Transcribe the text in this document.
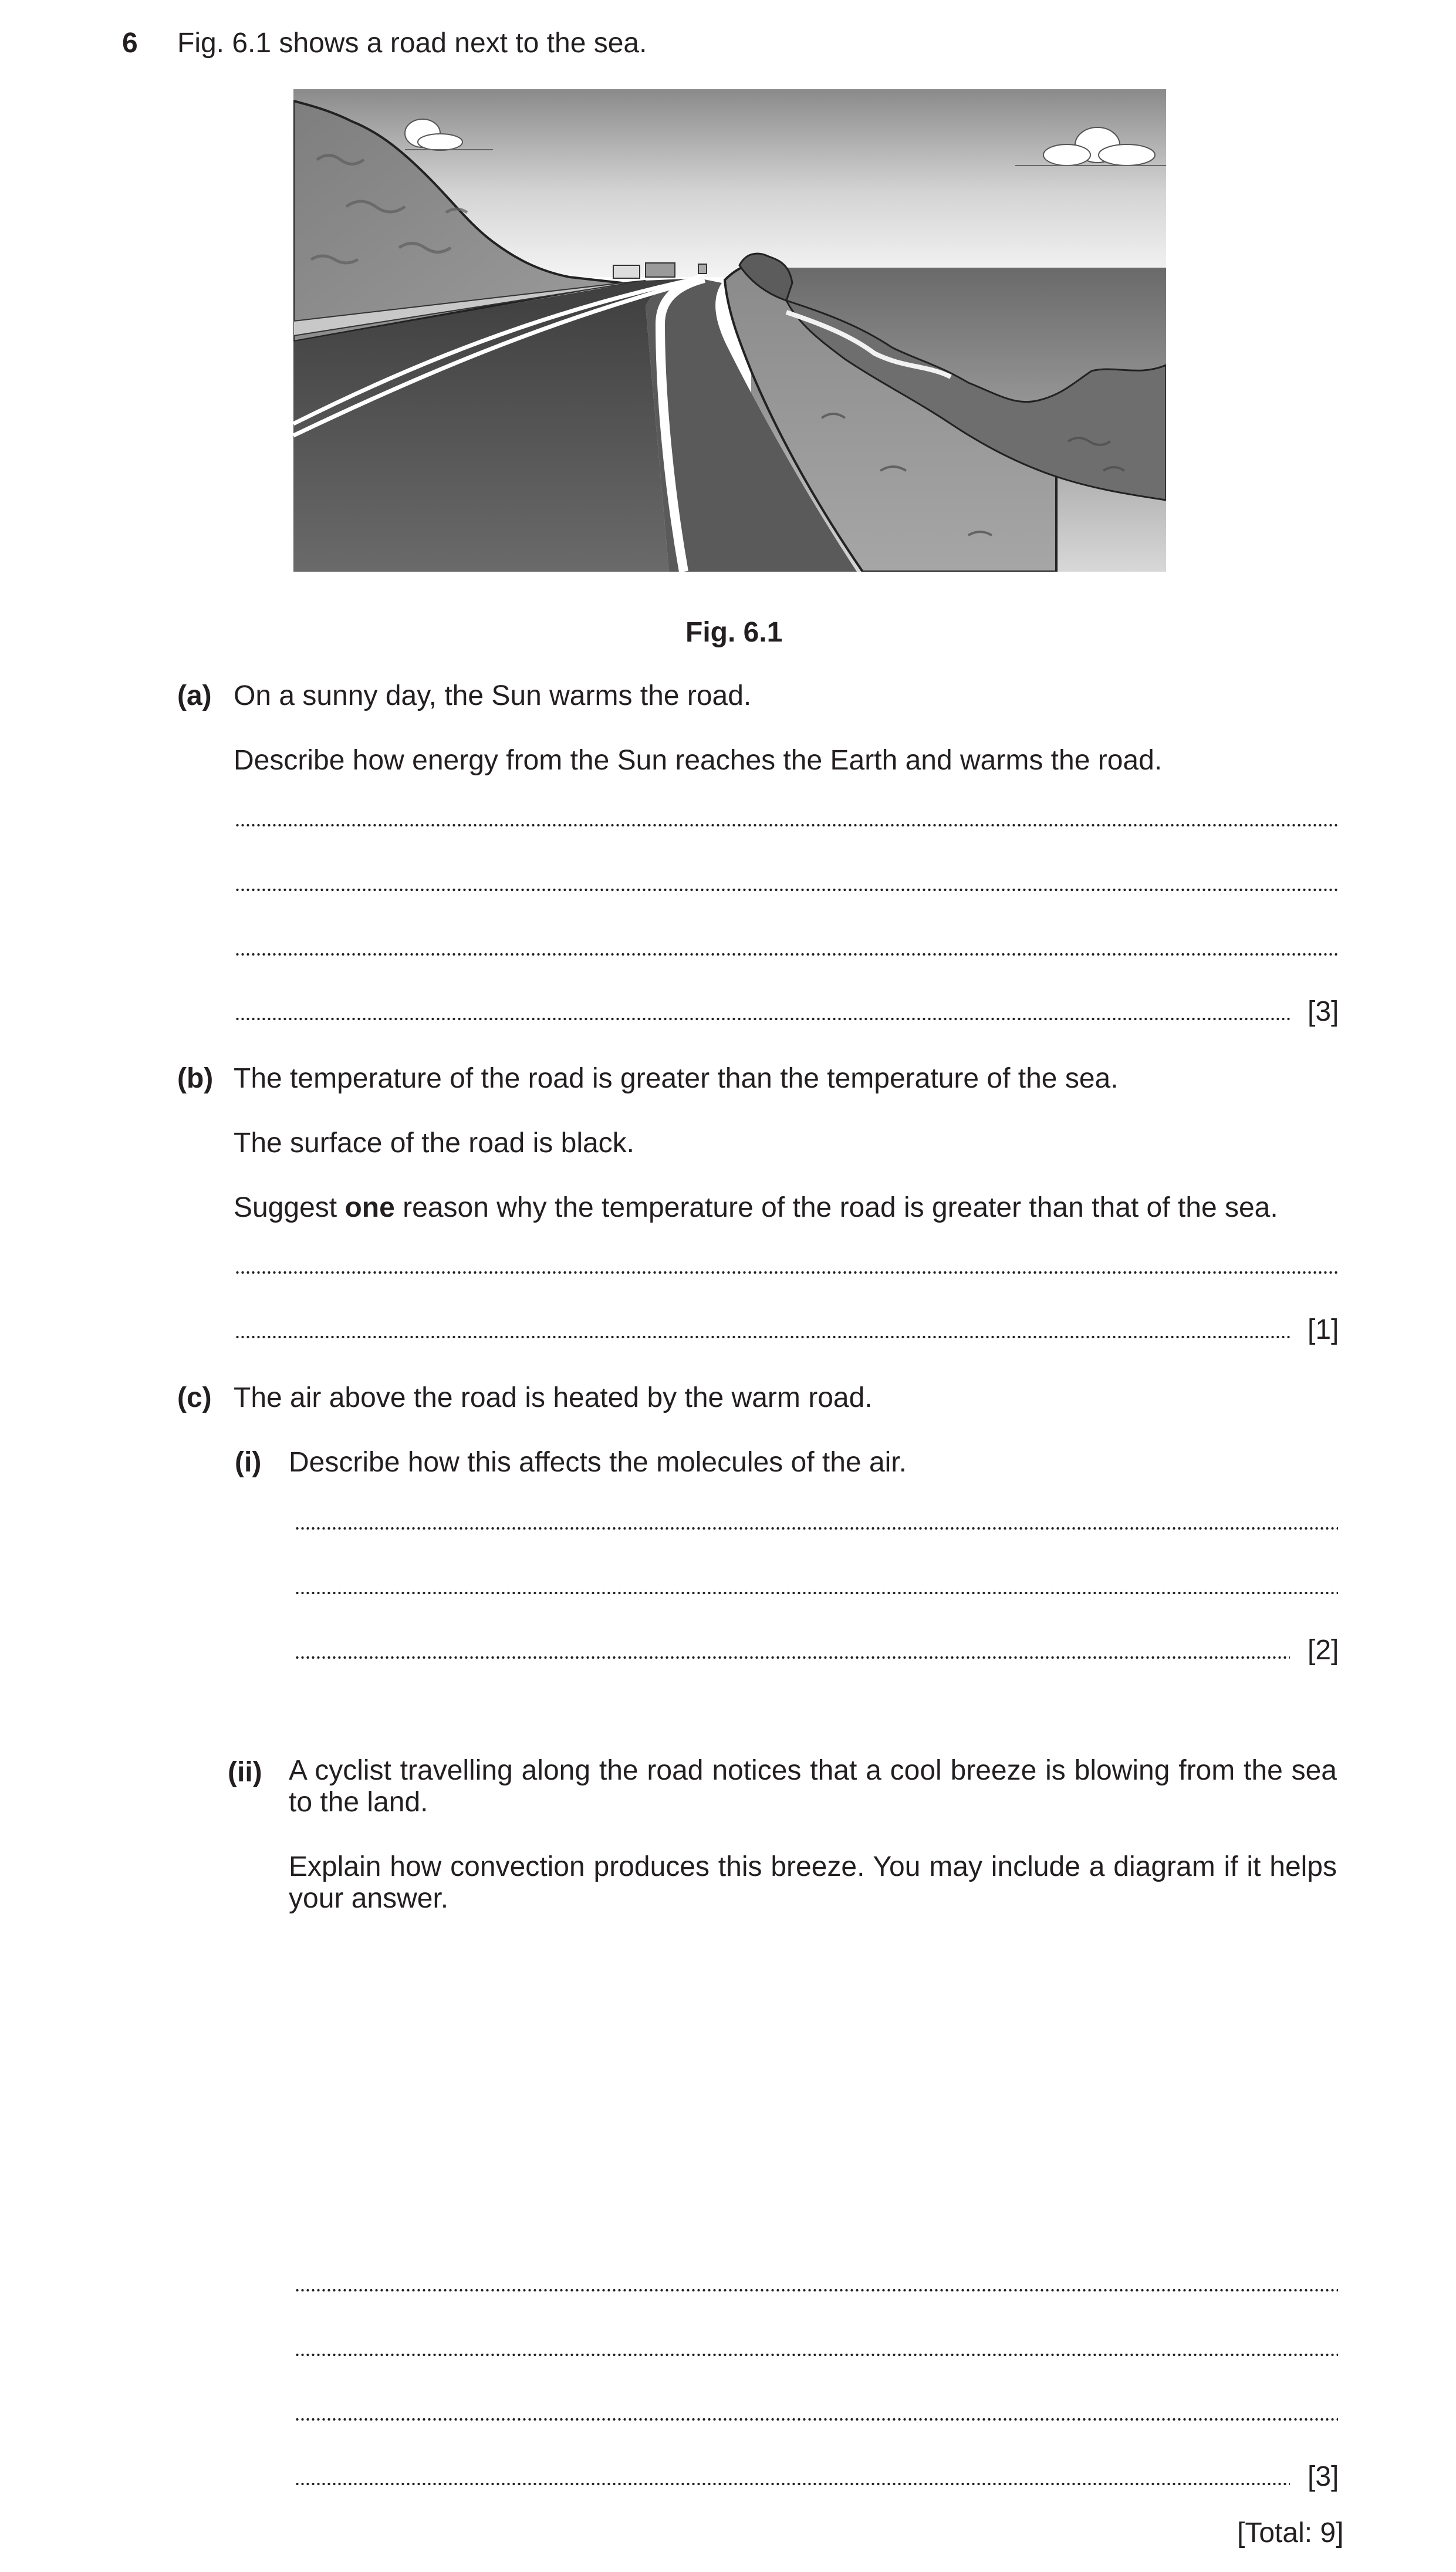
6 Fig. 6.1 shows a road next to the sea.
Fig. 6.1
(a) On a sunny day, the Sun warms the road.
Describe how energy from the Sun reaches the Earth and warms the road.
[3]
(b) The temperature of the road is greater than the temperature of the sea.
The surface of the road is black.
Suggest one reason why the temperature of the road is greater than that of the sea.
[1]
(c) The air above the road is heated by the warm road.
(i) Describe how this affects the molecules of the air.
[2]
(ii) A cyclist travelling along the road notices that a cool breeze is blowing from the sea to the land.
Explain how convection produces this breeze. You may include a diagram if it helps your answer.
[3]
[Total: 9]
